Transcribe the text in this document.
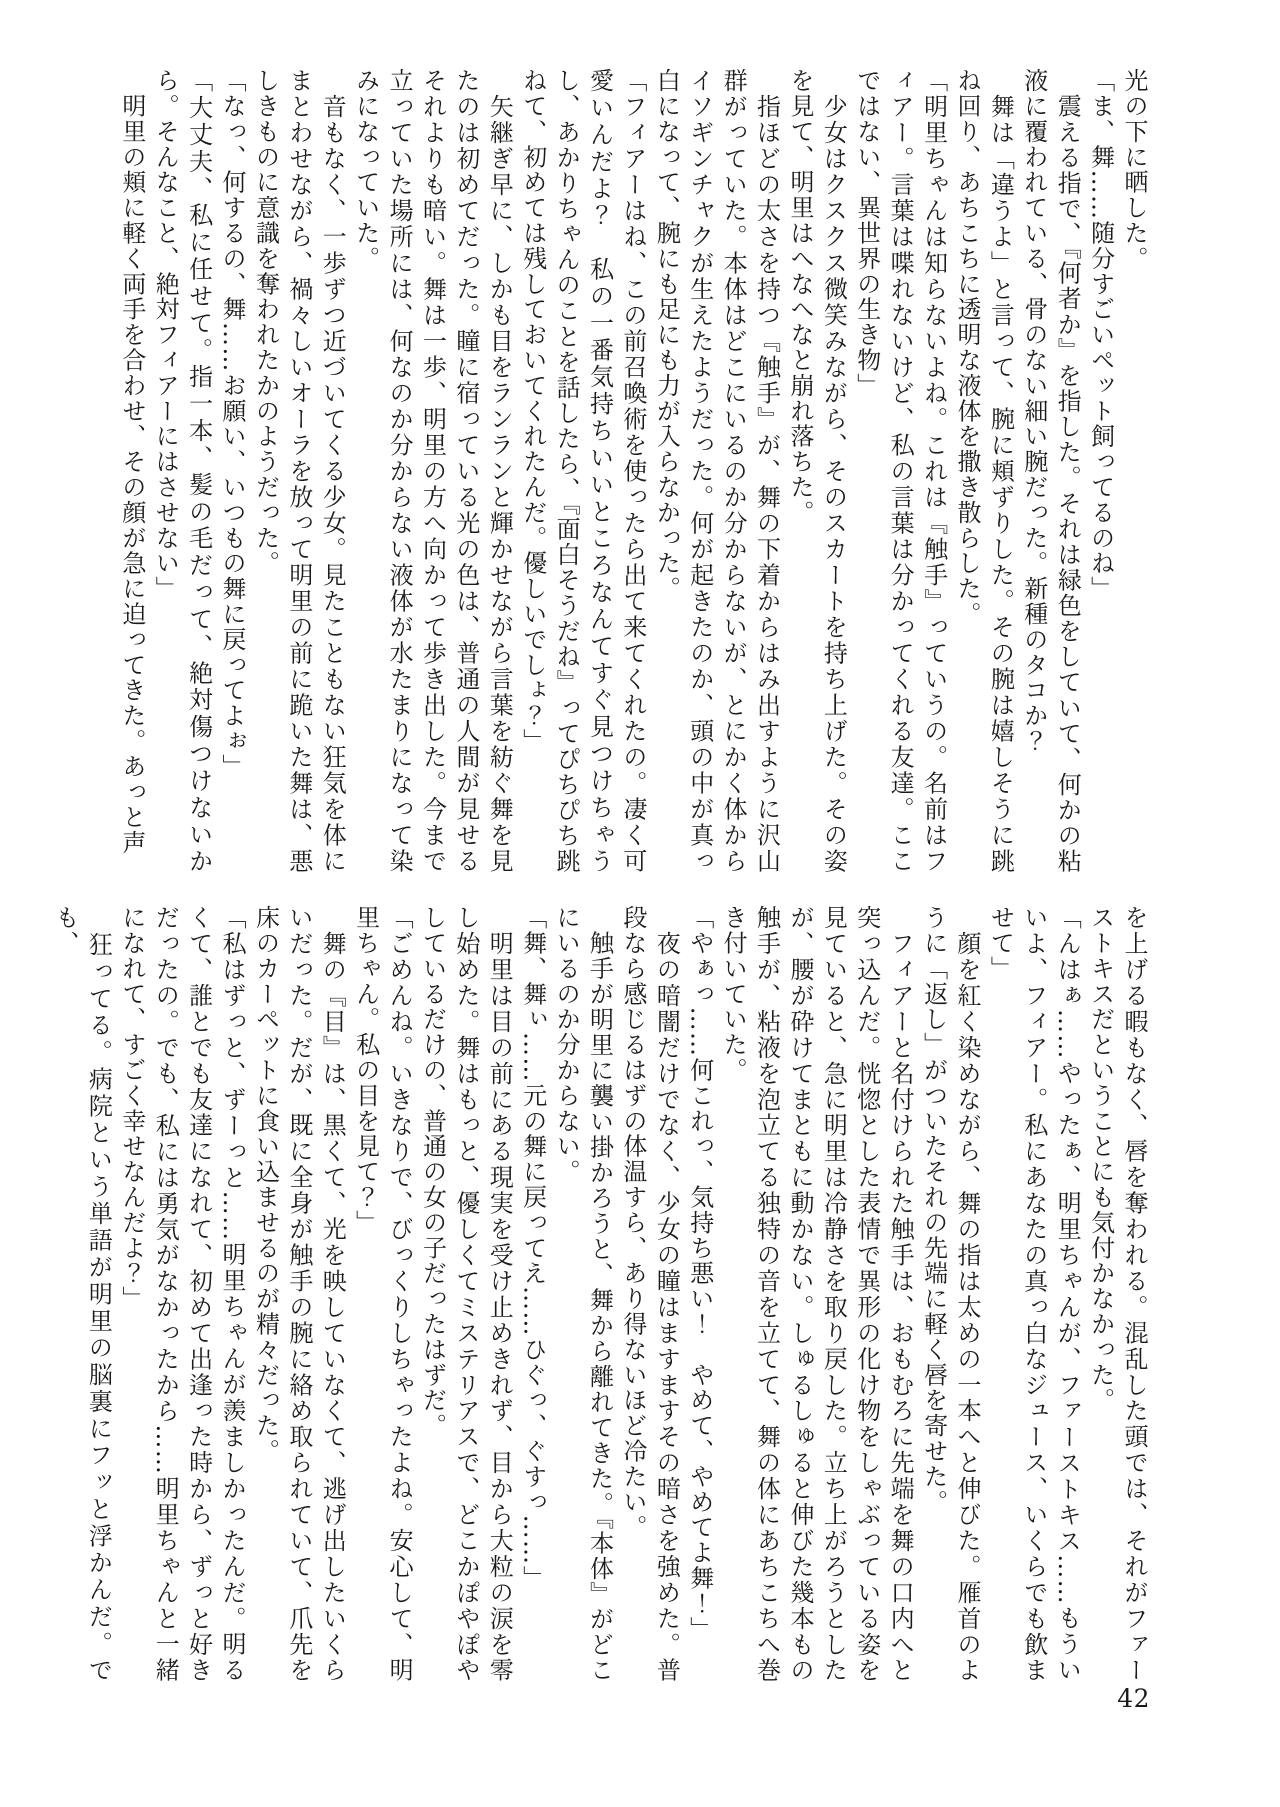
光の下に晒した。

「ま、舞……随分すごいペット飼ってるのね」

　震える指で、『何者か』を指した。それは緑色をしていて、何かの粘液に覆われている、骨のない細い腕だった。新種のタコか？

　舞は「違うよ」と言って、腕に頬ずりした。その腕は嬉しそうに跳ね回り、あちこちに透明な液体を撒き散らした。

「明里ちゃんは知らないよね。これは『触手』っていうの。名前はフィアー。言葉は喋れないけど、私の言葉は分かってくれる友達。ここではない、異世界の生き物」

　少女はクスクス微笑みながら、そのスカートを持ち上げた。その姿を見て、明里はへなへなと崩れ落ちた。

　指ほどの太さを持つ『触手』が、舞の下着からはみ出すように沢山群がっていた。本体はどこにいるのか分からないが、とにかく体からイソギンチャクが生えたようだった。何が起きたのか、頭の中が真っ白になって、腕にも足にも力が入らなかった。

「フィアーはね、この前召喚術を使ったら出て来てくれたの。凄く可愛いんだよ？　私の一番気持ちいいところなんてすぐ見つけちゃうし、あかりちゃんのことを話したら、『面白そうだね』ってぴちぴち跳ねて、初めては残しておいてくれたんだ。優しいでしょ？」

　矢継ぎ早に、しかも目をランランと輝かせながら言葉を紡ぐ舞を見たのは初めてだった。瞳に宿っている光の色は、普通の人間が見せるそれよりも暗い。舞は一歩、明里の方へ向かって歩き出した。今まで立っていた場所には、何なのか分からない液体が水たまりになって染みになっていた。

　音もなく、一歩ずつ近づいてくる少女。見たこともない狂気を体にまとわせながら、禍々しいオーラを放って明里の前に跪いた舞は、悪しきものに意識を奪われたかのようだった。

「なっ、何するの、舞……お願い、いつもの舞に戻ってよぉ」

「大丈夫、私に任せて。指一本、髪の毛だって、絶対傷つけないから。そんなこと、絶対フィアーにはさせない」

　明里の頬に軽く両手を合わせ、その顔が急に迫ってきた。あっと声

を上げる暇もなく、唇を奪われる。混乱した頭では、それがファーストキスだということにも気付かなかった。

「んはぁ……やったぁ、明里ちゃんが、ファーストキス……もういいよ、フィアー。私にあなたの真っ白なジュース、いくらでも飲ませて」

　顔を紅く染めながら、舞の指は太めの一本へと伸びた。雁首のように「返し」がついたそれの先端に軽く唇を寄せた。

　フィアーと名付けられた触手は、おもむろに先端を舞の口内へと突っ込んだ。恍惚とした表情で異形の化け物をしゃぶっている姿を見ていると、急に明里は冷静さを取り戻した。立ち上がろうとしたが、腰が砕けてまともに動かない。しゅるしゅると伸びた幾本もの触手が、粘液を泡立てる独特の音を立てて、舞の体にあちこちへ巻き付いていた。

「やぁっ……何これっ、気持ち悪い！　やめて、やめてよ舞！」

　夜の暗闇だけでなく、少女の瞳はますますその暗さを強めた。普段なら感じるはずの体温すら、あり得ないほど冷たい。

　触手が明里に襲い掛かろうと、舞から離れてきた。『本体』がどこにいるのか分からない。

「舞、舞ぃ……元の舞に戻ってえ……ひぐっ、ぐすっ……」

　明里は目の前にある現実を受け止めきれず、目から大粒の涙を零し始めた。舞はもっと、優しくてミステリアスで、どこかぽやぽやしているだけの、普通の女の子だったはずだ。

「ごめんね。いきなりで、びっくりしちゃったよね。安心して、明里ちゃん。私の目を見て？」

　舞の『目』は、黒くて、光を映していなくて、逃げ出したいくらいだった。だが、既に全身が触手の腕に絡め取られていて、爪先を床のカーペットに食い込ませるのが精々だった。

「私はずっと、ずーっと……明里ちゃんが羨ましかったんだ。明るくて、誰とでも友達になれて、初めて出逢った時から、ずっと好きだったの。でも、私には勇気がなかったから……明里ちゃんと一緒になれて、すごく幸せなんだよ？」

　狂ってる。病院という単語が明里の脳裏にフッと浮かんだ。でも、

42
